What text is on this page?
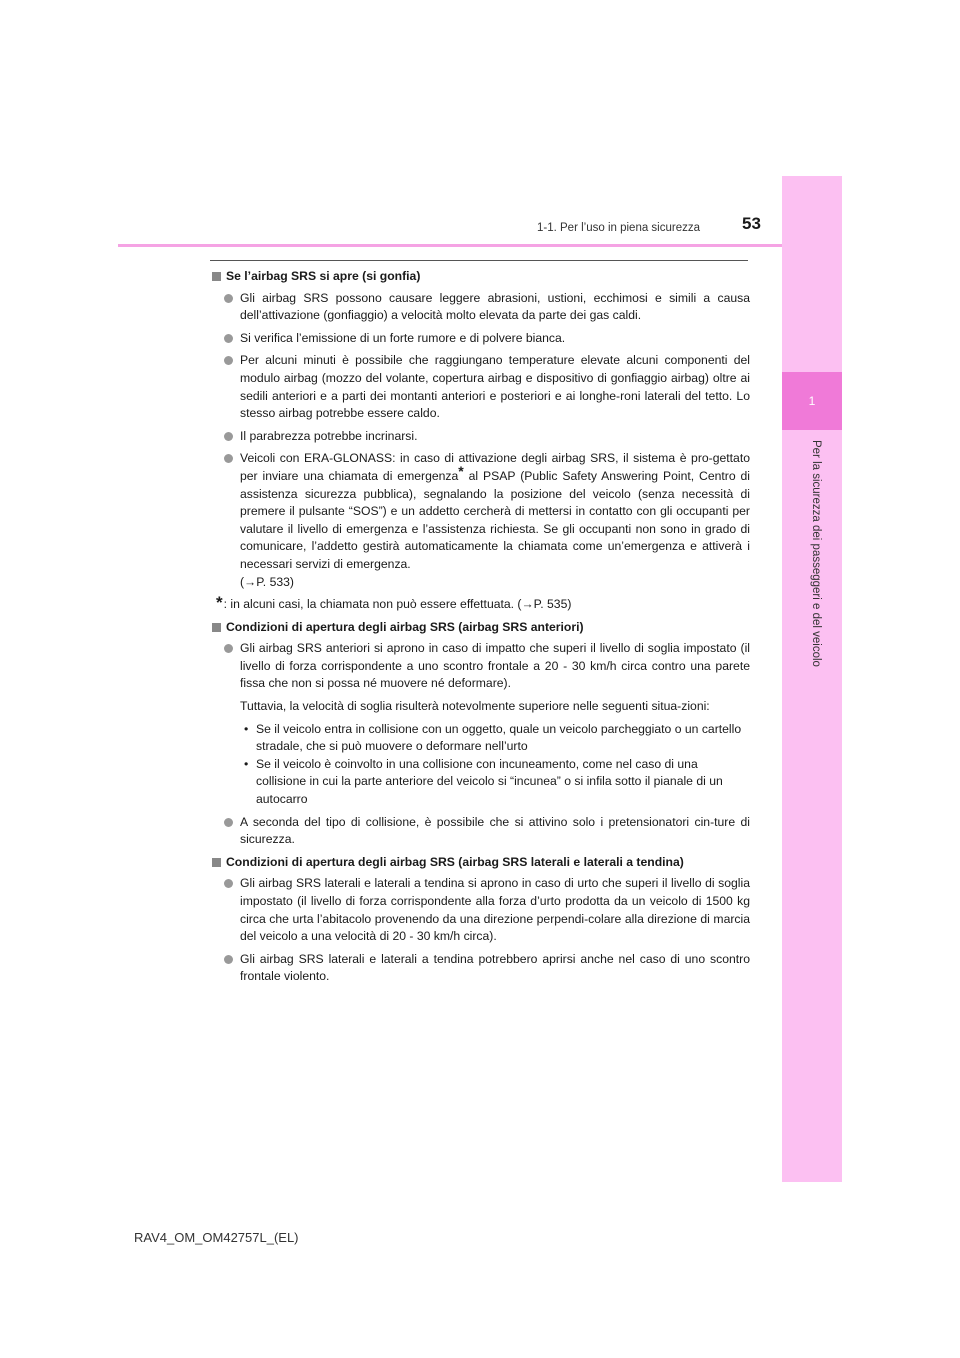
1
Per la sicurezza dei passeggeri e del veicolo
1-1. Per l’uso in piena sicurezza 53
Se l’airbag SRS si apre (si gonfia)
Gli airbag SRS possono causare leggere abrasioni, ustioni, ecchimosi e simili a causa dell’attivazione (gonfiaggio) a velocità molto elevata da parte dei gas caldi.
Si verifica l’emissione di un forte rumore e di polvere bianca.
Per alcuni minuti è possibile che raggiungano temperature elevate alcuni componenti del modulo airbag (mozzo del volante, copertura airbag e dispositivo di gonfiaggio airbag) oltre ai sedili anteriori e a parti dei montanti anteriori e posteriori e ai longhe-roni laterali del tetto. Lo stesso airbag potrebbe essere caldo.
Il parabrezza potrebbe incrinarsi.
Veicoli con ERA-GLONASS: in caso di attivazione degli airbag SRS, il sistema è pro-gettato per inviare una chiamata di emergenza* al PSAP (Public Safety Answering Point, Centro di assistenza sicurezza pubblica), segnalando la posizione del veicolo (senza necessità di premere il pulsante “SOS”) e un addetto cercherà di mettersi in contatto con gli occupanti per valutare il livello di emergenza e l’assistenza richiesta. Se gli occupanti non sono in grado di comunicare, l’addetto gestirà automaticamente la chiamata come un’emergenza e attiverà i necessari servizi di emergenza.
(→P. 533)
* : in alcuni casi, la chiamata non può essere effettuata. (→P. 535)
Condizioni di apertura degli airbag SRS (airbag SRS anteriori)
Gli airbag SRS anteriori si aprono in caso di impatto che superi il livello di soglia impostato (il livello di forza corrispondente a uno scontro frontale a 20 - 30 km/h circa contro una parete fissa che non si possa né muovere né deformare).
Tuttavia, la velocità di soglia risulterà notevolmente superiore nelle seguenti situa-zioni:
• Se il veicolo entra in collisione con un oggetto, quale un veicolo parcheggiato o un cartello stradale, che si può muovere o deformare nell’urto
• Se il veicolo è coinvolto in una collisione con incuneamento, come nel caso di una collisione in cui la parte anteriore del veicolo si “incunea” o si infila sotto il pianale di un autocarro
A seconda del tipo di collisione, è possibile che si attivino solo i pretensionatori cin-ture di sicurezza.
Condizioni di apertura degli airbag SRS (airbag SRS laterali e laterali a tendina)
Gli airbag SRS laterali e laterali a tendina si aprono in caso di urto che superi il livello di soglia impostato (il livello di forza corrispondente alla forza d’urto prodotta da un veicolo di 1500 kg circa che urta l’abitacolo provenendo da una direzione perpendi-colare alla direzione di marcia del veicolo a una velocità di 20 - 30 km/h circa).
Gli airbag SRS laterali e laterali a tendina potrebbero aprirsi anche nel caso di uno scontro frontale violento.
RAV4_OM_OM42757L_(EL)
